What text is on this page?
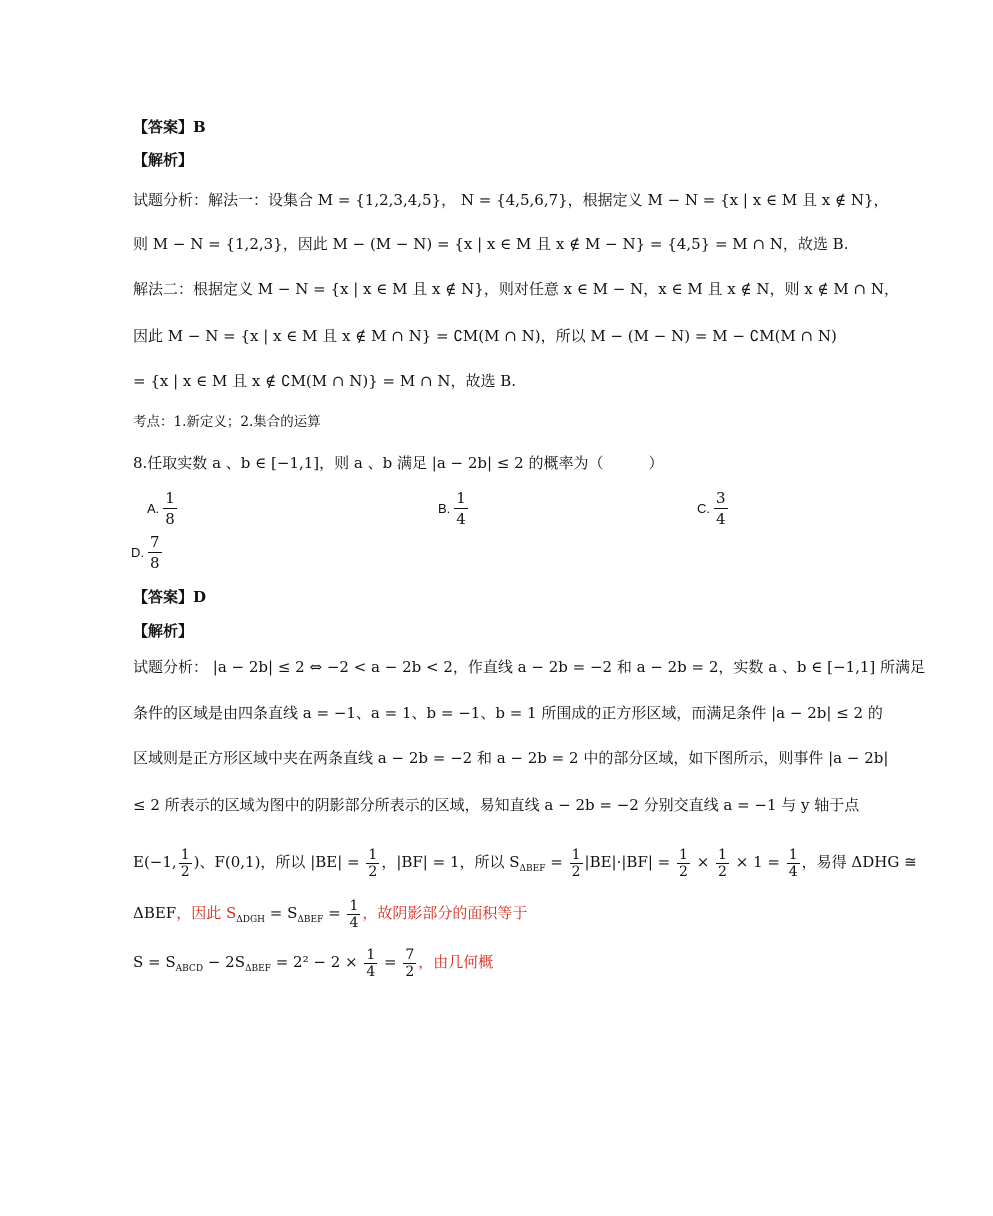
【答案】B
【解析】
试题分析：解法一：设集合 M = {1,2,3,4,5}， N = {4,5,6,7}，根据定义 M − N = {x | x ∈ M 且 x ∉ N}，
则 M − N = {1,2,3}，因此 M − (M − N) = {x | x ∈ M 且 x ∉ M − N} = {4,5} = M ∩ N，故选 B.
解法二：根据定义 M − N = {x | x ∈ M 且 x ∉ N}，则对任意 x ∈ M − N，x ∈ M 且 x ∉ N，则 x ∉ M ∩ N，
因此 M − N = {x | x ∈ M 且 x ∉ M ∩ N} = ∁M(M ∩ N)，所以 M − (M − N) = M − ∁M(M ∩ N)
= {x | x ∈ M 且 x ∉ ∁M(M ∩ N)} = M ∩ N，故选 B.
考点：1.新定义；2.集合的运算
8.任取实数 a 、b ∈ [−1,1]，则 a 、b 满足 |a − 2b| ≤ 2 的概率为（　　　）
A. $\frac{1}{8}$	B. $\frac{1}{4}$	C. $\frac{3}{4}$
D. $\frac{7}{8}$
【答案】D
【解析】
试题分析： |a − 2b| ≤ 2 ⇔ −2 < a − 2b < 2，作直线 a − 2b = −2 和 a − 2b = 2，实数 a 、b ∈ [−1,1] 所满足
条件的区域是由四条直线 a = −1、a = 1、b = −1、b = 1 所围成的正方形区域，而满足条件 |a − 2b| ≤ 2 的
区域则是正方形区域中夹在两条直线 a − 2b = −2 和 a − 2b = 2 中的部分区域，如下图所示，则事件 |a − 2b|
≤ 2 所表示的区域为图中的阴影部分所表示的区域，易知直线 a − 2b = −2 分别交直线 a = −1 与 y 轴于点
E(−1, $\frac{1}{2}$ )、F(0,1)，所以 $|BE| = \frac{1}{2}$ ，|BF| = 1，所以 $S_{\Delta BEF} = \frac{1}{2} |BE|\cdot|BF| = \frac{1}{2} \times \frac{1}{2} \times 1 = \frac{1}{4}$ ，易得 ΔDHG ≅
ΔBEF，因此 $S_{\Delta DGH} = S_{\Delta BEF} = \frac{1}{4}$ ，故阴影部分的面积等于
$S = S_{ABCD} - 2S_{\Delta BEF} = 2^2 - 2 \times \frac{1}{4} = \frac{7}{2}$ ，由几何概
